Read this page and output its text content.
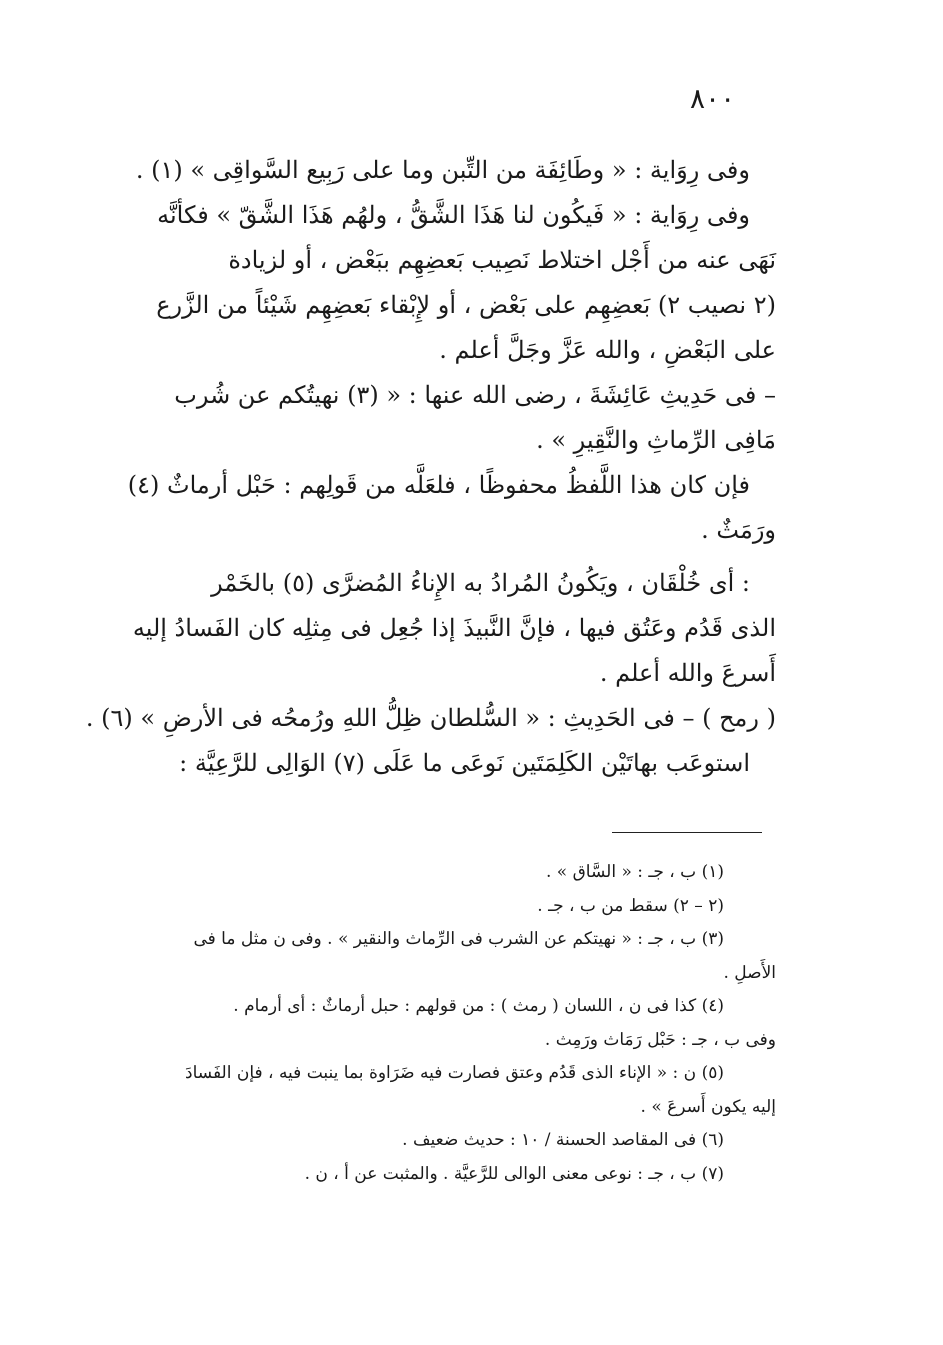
٨٠٠
وفى رِوَاية : « وطَائِفَة من التِّبن وما على رَبِيع السَّواقِى » (١) .
وفى رِوَاية : « فَيكُون لنا هَذَا الشَّقُّ ، ولهُم هَذَا الشَّقّ » فكأنَّه
نَهَى عنه من أَجْل اختلاط نَصِيب بَعضِهِم ببَعْض ، أو لزيادة
(٢ نصيب ٢) بَعضِهِم على بَعْض ، أو لإِبْقاء بَعضِهِم شَيْئاً من الزَّرع
على البَعْضِ ، والله عَزَّ وجَلَّ أعلم .
– فى حَدِيثِ عَائِشَةَ ، رضى الله عنها : « (٣) نهيتُكم عن شُرب
مَافِى الرِّماثِ والنَّقِيرِ » .
فإن كان هذا اللَّفظُ محفوظًا ، فلعَلَّه من قَولِهم : حَبْل أرماثٌ (٤)
ورَمَثٌ .
: أى خُلْقَان ، ويَكُونُ المُرادُ به الإِناءُ المُضرَّى (٥) بالخَمْر
الذى قَدُم وعَتُق فيها ، فإنَّ النَّبيذَ إذا جُعِل فى مِثلِه كان الفَسادُ إليه
أَسرعَ والله أعلم .
( رمح ) – فى الحَدِيثِ : « السُّلطان ظِلُّ اللهِ ورُمحُه فى الأرضِ » (٦) .
استوعَب بهاتَيْن الكَلِمَتَين نَوعَى ما عَلَى (٧) الوَالِى للرَّعِيَّة :
(١) ب ، جـ : « السَّاق » .
(٢ – ٢) سقط من ب ، جـ .
(٣) ب ، جـ : « نهيتكم عن الشرب فى الرِّماث والنقير » . وفى ن مثل ما فى
الأَصلِ .
(٤) كذا فى ن ، اللسان ( رمث ) : من قولهم : حبل أرماثٌ : أى أرمام .
وفى ب ، جـ : حَبْل رَمَاث ورَمِث .
(٥) ن : « الإناء الذى قَدُم وعتق فصارت فيه ضَرَاوة بما ينبت فيه ، فإن الفَسادَ
إليه يكون أَسرعَ » .
(٦) فى المقاصد الحسنة / ١٠ : حديث ضعيف .
(٧) ب ، جـ : نوعى معنى الوالى للرَّعيَّة . والمثبت عن أ ، ن .
